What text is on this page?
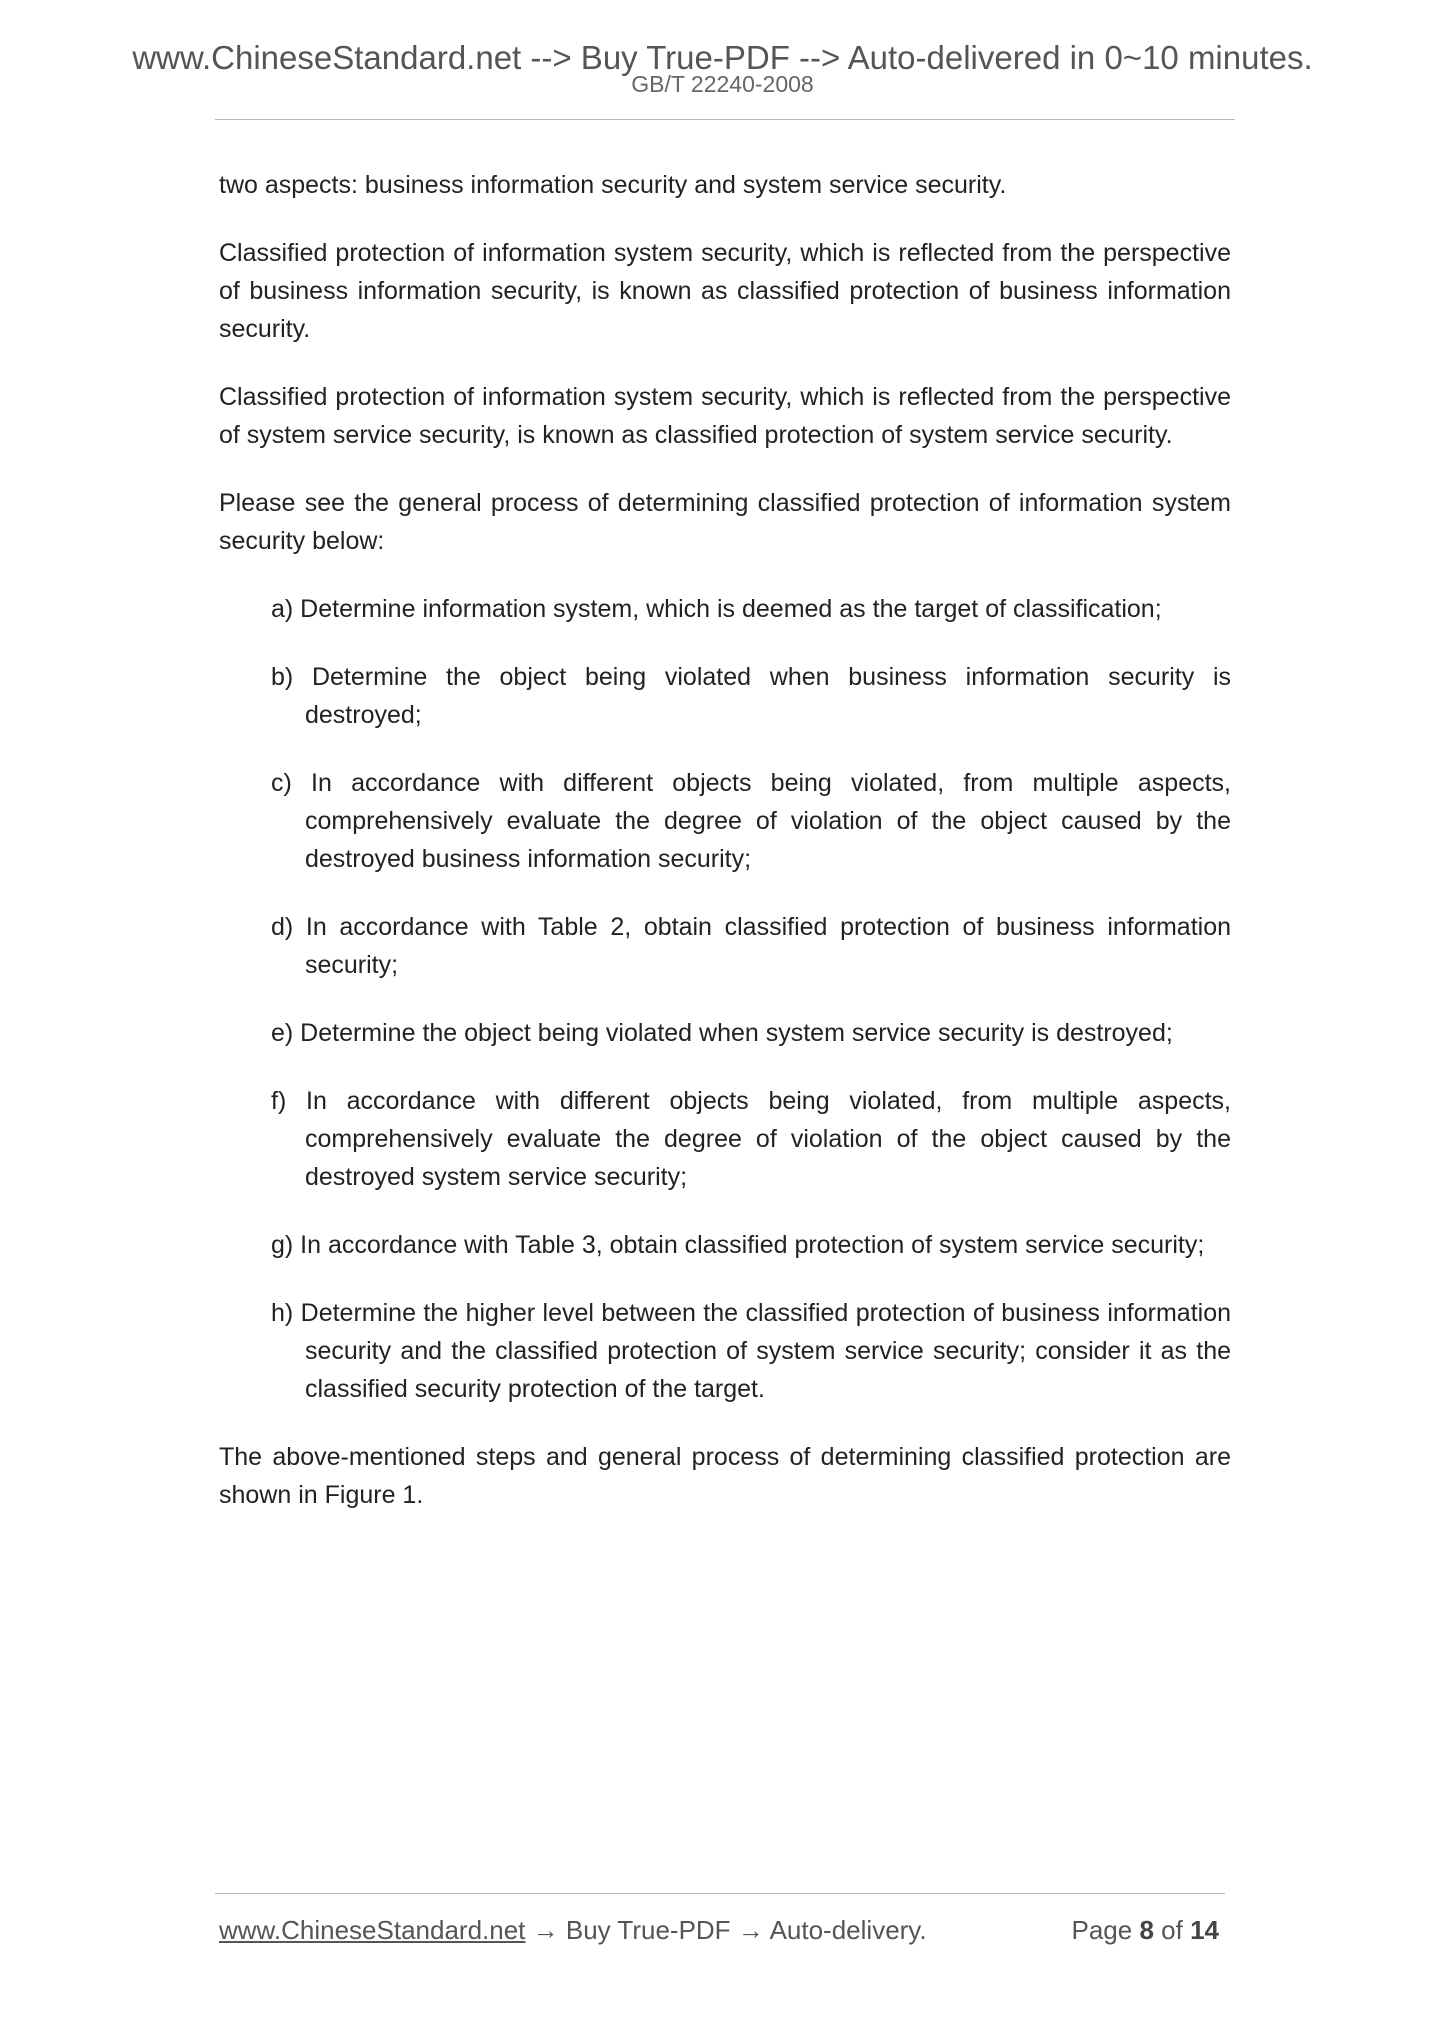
www.ChineseStandard.net --> Buy True-PDF --> Auto-delivered in 0~10 minutes.
GB/T 22240-2008

two aspects: business information security and system service security.

Classified protection of information system security, which is reflected from the perspective of business information security, is known as classified protection of business information security.

Classified protection of information system security, which is reflected from the perspective of system service security, is known as classified protection of system service security.

Please see the general process of determining classified protection of information system security below:

a) Determine information system, which is deemed as the target of classification;
b) Determine the object being violated when business information security is destroyed;
c) In accordance with different objects being violated, from multiple aspects, comprehensively evaluate the degree of violation of the object caused by the destroyed business information security;
d) In accordance with Table 2, obtain classified protection of business information security;
e) Determine the object being violated when system service security is destroyed;
f) In accordance with different objects being violated, from multiple aspects, comprehensively evaluate the degree of violation of the object caused by the destroyed system service security;
g) In accordance with Table 3, obtain classified protection of system service security;
h) Determine the higher level between the classified protection of business information security and the classified protection of system service security; consider it as the classified security protection of the target.

The above-mentioned steps and general process of determining classified protection are shown in Figure 1.

www.ChineseStandard.net → Buy True-PDF → Auto-delivery.	Page 8 of 14
